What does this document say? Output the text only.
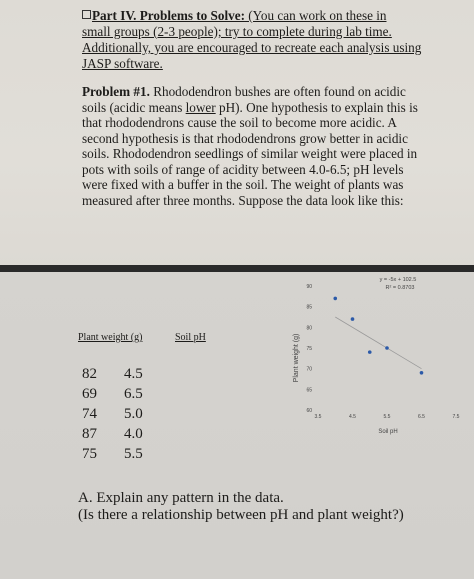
Part IV. Problems to Solve: (You can work on these in
small groups (2-3 people); try to complete during lab time.
Additionally, you are encouraged to recreate each analysis using
JASP software.
Problem #1. Rhododendron bushes are often found on acidic
soils (acidic means lower pH). One hypothesis to explain this is
that rhododendrons cause the soil to become more acidic. A
second hypothesis is that rhododendrons grow better in acidic
soils. Rhododendron seedlings of similar weight were placed in
pots with soils of range of acidity between 4.0-6.5; pH levels
were fixed with a buffer in the soil. The weight of plants was
measured after three months. Suppose the data look like this:
Plant weight (g)	Soil pH
82 4.5
69 6.5
74 5.0
87 4.0
75 5.5
60
65
70
75
80
85
90
3.5	4.5	5.5	6.5	7.5
Plant weight (g)
Soil pH
y = -5x + 102.5
R² = 0.8703
A. Explain any pattern in the data.
(Is there a relationship between pH and plant weight?)
